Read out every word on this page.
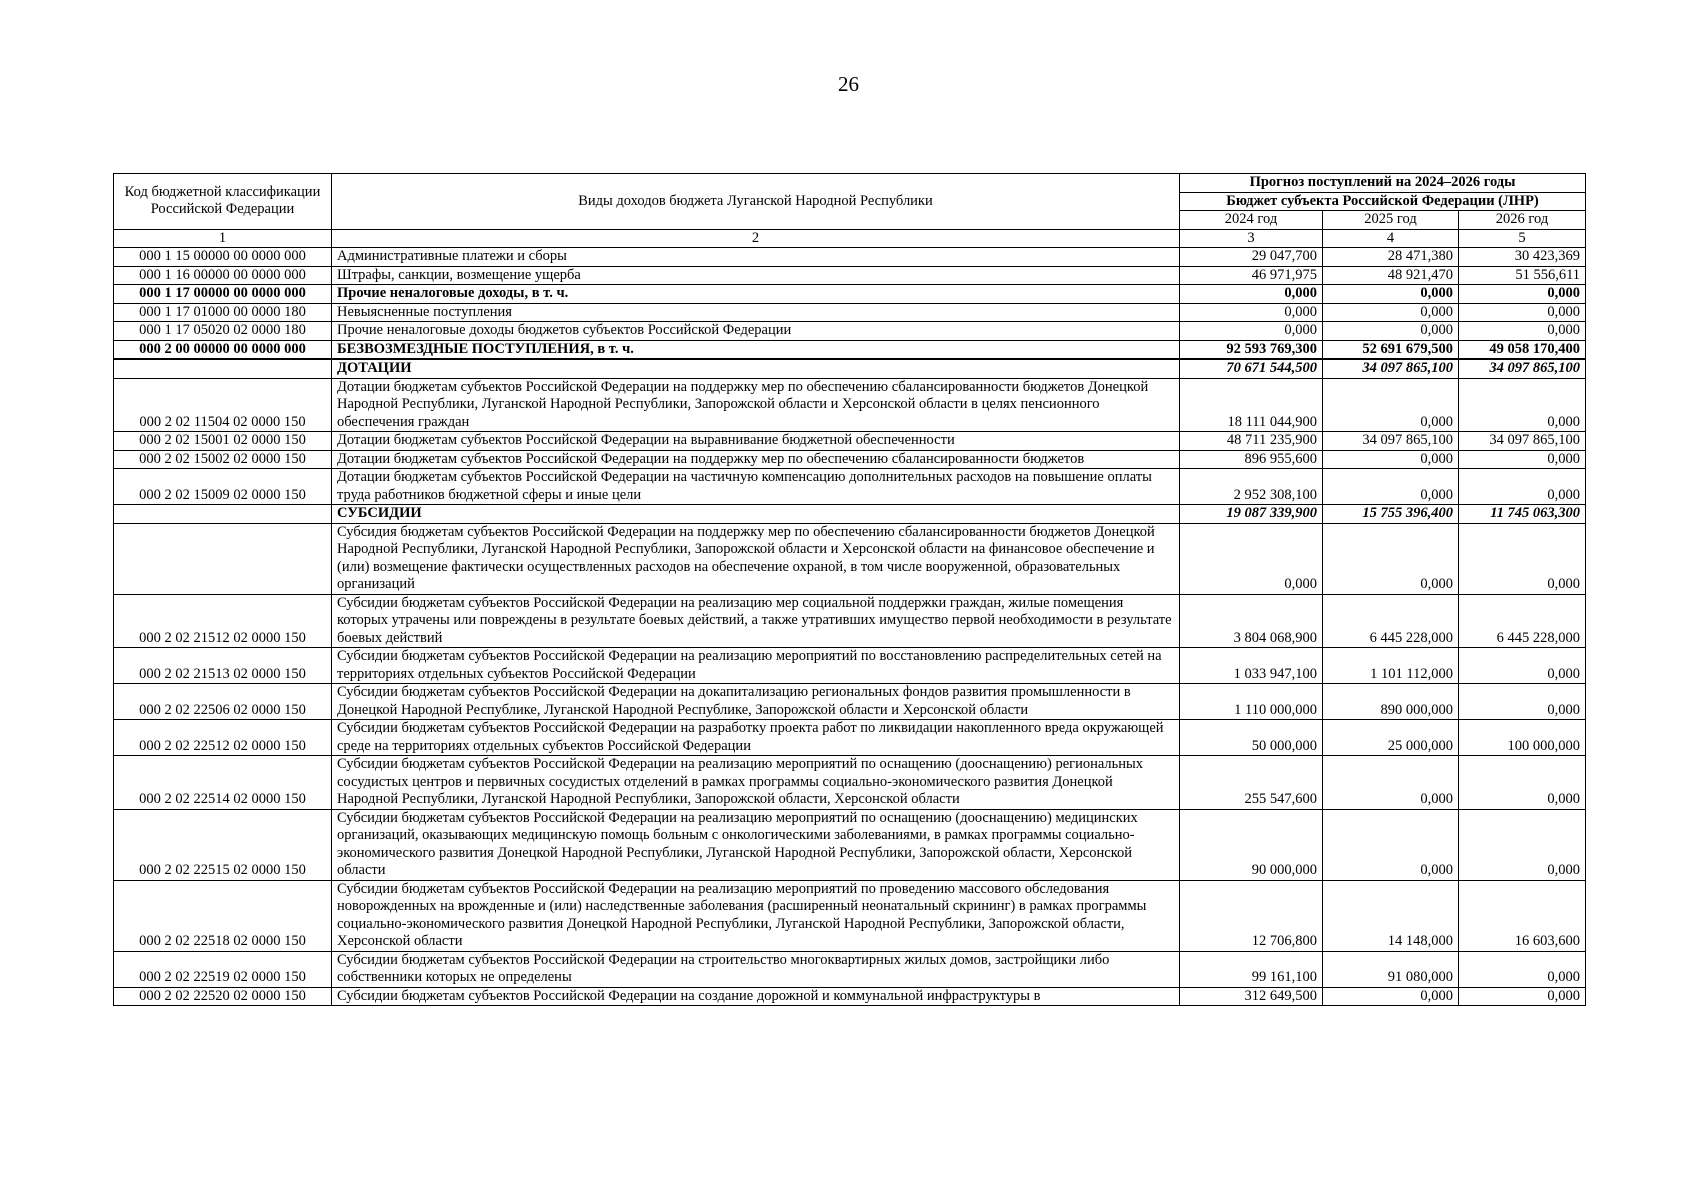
26
Код бюджетной классификации Российской Федерации	Виды доходов бюджета Луганской Народной Республики	Прогноз поступлений на 2024–2026 годы		
		Бюджет субъекта Российской Федерации (ЛНР)		
		2024 год	2025 год	2026 год
1	2	3	4	5
000 1 15 00000 00 0000 000	Административные платежи и сборы	29 047,700	28 471,380	30 423,369
000 1 16 00000 00 0000 000	Штрафы, санкции, возмещение ущерба	46 971,975	48 921,470	51 556,611
000 1 17 00000 00 0000 000	Прочие неналоговые доходы, в т. ч.	0,000	0,000	0,000
000 1 17 01000 00 0000 180	Невыясненные поступления	0,000	0,000	0,000
000 1 17 05020 02 0000 180	Прочие неналоговые доходы бюджетов субъектов Российской Федерации	0,000	0,000	0,000
000 2 00 00000 00 0000 000	БЕЗВОЗМЕЗДНЫЕ ПОСТУПЛЕНИЯ, в т. ч.	92 593 769,300	52 691 679,500	49 058 170,400
	ДОТАЦИИ	70 671 544,500	34 097 865,100	34 097 865,100
000 2 02 11504 02 0000 150	Дотации бюджетам субъектов Российской Федерации на поддержку мер по обеспечению сбалансированности бюджетов Донецкой Народной Республики, Луганской Народной Республики, Запорожской области и Херсонской области в целях пенсионного обеспечения граждан	18 111 044,900	0,000	0,000
000 2 02 15001 02 0000 150	Дотации бюджетам субъектов Российской Федерации на выравнивание бюджетной обеспеченности	48 711 235,900	34 097 865,100	34 097 865,100
000 2 02 15002 02 0000 150	Дотации бюджетам субъектов Российской Федерации на поддержку мер по обеспечению сбалансированности бюджетов	896 955,600	0,000	0,000
000 2 02 15009 02 0000 150	Дотации бюджетам субъектов Российской Федерации на частичную компенсацию дополнительных расходов на повышение оплаты труда работников бюджетной сферы и иные цели	2 952 308,100	0,000	0,000
	СУБСИДИИ	19 087 339,900	15 755 396,400	11 745 063,300
	Субсидия бюджетам субъектов Российской Федерации на поддержку мер по обеспечению сбалансированности бюджетов Донецкой Народной Республики, Луганской Народной Республики, Запорожской области и Херсонской области на финансовое обеспечение и (или) возмещение фактически осуществленных расходов на обеспечение охраной, в том числе вооруженной, образовательных организаций	0,000	0,000	0,000
000 2 02 21512 02 0000 150	Субсидии бюджетам субъектов Российской Федерации на реализацию мер социальной поддержки граждан, жилые помещения которых утрачены или повреждены в результате боевых действий, а также утративших имущество первой необходимости в результате боевых действий	3 804 068,900	6 445 228,000	6 445 228,000
000 2 02 21513 02 0000 150	Субсидии бюджетам субъектов Российской Федерации на реализацию мероприятий по восстановлению распределительных сетей на территориях отдельных субъектов Российской Федерации	1 033 947,100	1 101 112,000	0,000
000 2 02 22506 02 0000 150	Субсидии бюджетам субъектов Российской Федерации на докапитализацию региональных фондов развития промышленности в Донецкой Народной Республике, Луганской Народной Республике, Запорожской области и Херсонской области	1 110 000,000	890 000,000	0,000
000 2 02 22512 02 0000 150	Субсидии бюджетам субъектов Российской Федерации на разработку проекта работ по ликвидации накопленного вреда окружающей среде на территориях отдельных субъектов Российской Федерации	50 000,000	25 000,000	100 000,000
000 2 02 22514 02 0000 150	Субсидии бюджетам субъектов Российской Федерации на реализацию мероприятий по оснащению (дооснащению) региональных сосудистых центров и первичных сосудистых отделений в рамках программы социально-экономического развития Донецкой Народной Республики, Луганской Народной Республики, Запорожской области, Херсонской области	255 547,600	0,000	0,000
000 2 02 22515 02 0000 150	Субсидии бюджетам субъектов Российской Федерации на реализацию мероприятий по оснащению (дооснащению) медицинских организаций, оказывающих медицинскую помощь больным с онкологическими заболеваниями, в рамках программы социально-экономического развития Донецкой Народной Республики, Луганской Народной Республики, Запорожской области, Херсонской области	90 000,000	0,000	0,000
000 2 02 22518 02 0000 150	Субсидии бюджетам субъектов Российской Федерации на реализацию мероприятий по проведению массового обследования новорожденных на врожденные и (или) наследственные заболевания (расширенный неонатальный скрининг) в рамках программы социально-экономического развития Донецкой Народной Республики, Луганской Народной Республики, Запорожской области, Херсонской области	12 706,800	14 148,000	16 603,600
000 2 02 22519 02 0000 150	Субсидии бюджетам субъектов Российской Федерации на строительство многоквартирных жилых домов, застройщики либо собственники которых не определены	99 161,100	91 080,000	0,000
000 2 02 22520 02 0000 150	Субсидии бюджетам субъектов Российской Федерации на создание дорожной и коммунальной инфраструктуры в	312 649,500	0,000	0,000
